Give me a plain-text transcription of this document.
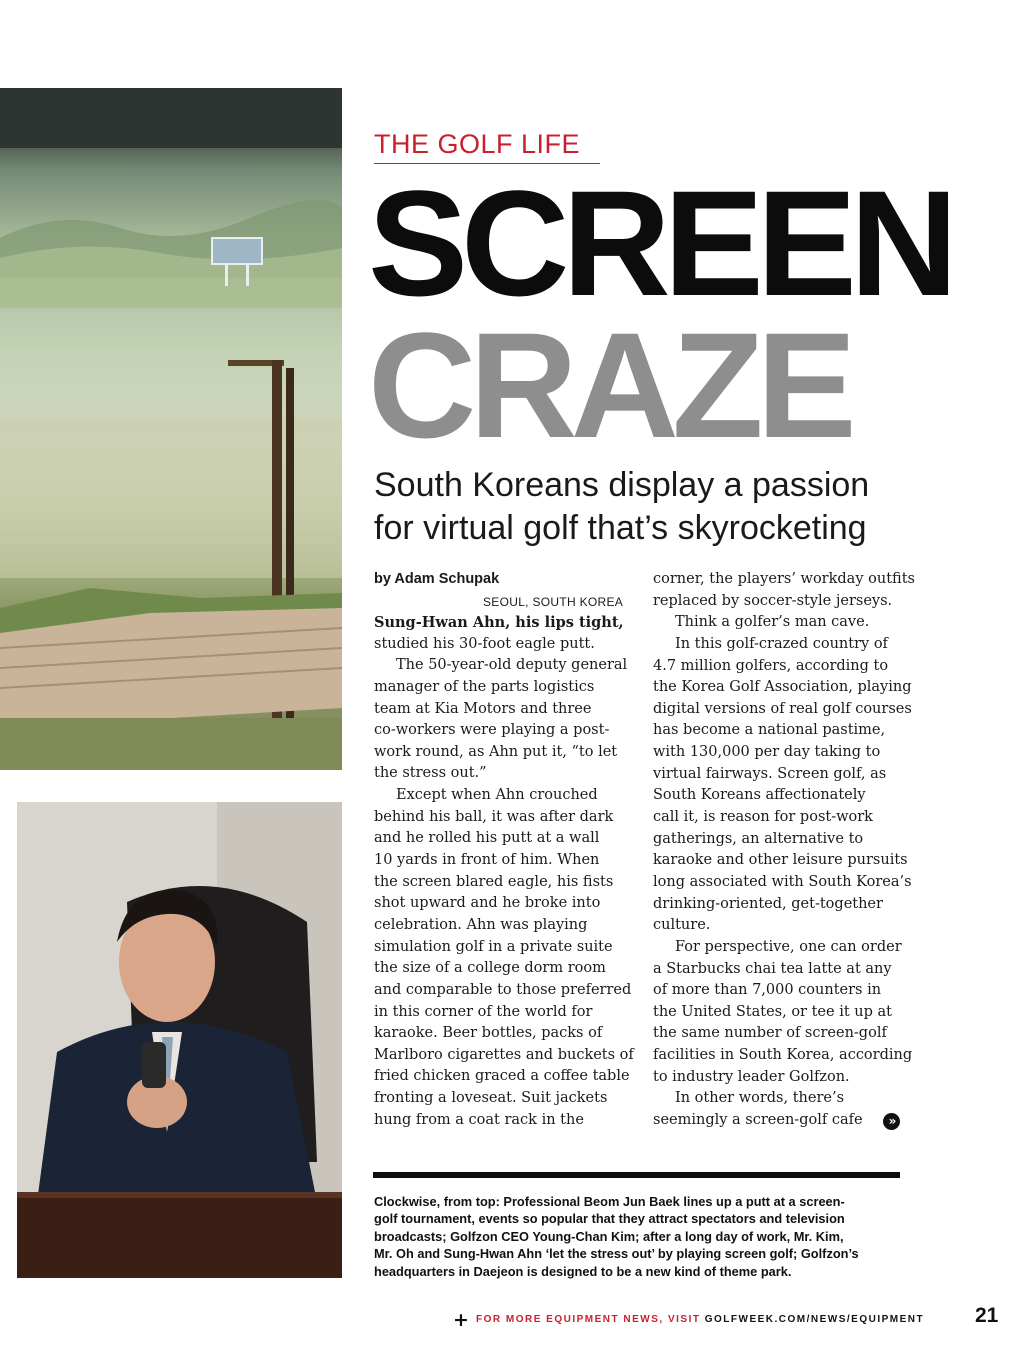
THE GOLF LIFE
SCREEN
CRAZE
South Koreans display a passion
for virtual golf that’s skyrocketing
by Adam Schupak
SEOUL, SOUTH KOREA
Sung-Hwan Ahn, his lips tight,
studied his 30-foot eagle putt.
The 50-year-old deputy general
manager of the parts logistics
team at Kia Motors and three
co-workers were playing a post-
work round, as Ahn put it, “to let
the stress out.”
Except when Ahn crouched
behind his ball, it was after dark
and he rolled his putt at a wall
10 yards in front of him. When
the screen blared eagle, his fists
shot upward and he broke into
celebration. Ahn was playing
simulation golf in a private suite
the size of a college dorm room
and comparable to those preferred
in this corner of the world for
karaoke. Beer bottles, packs of
Marlboro cigarettes and buckets of
fried chicken graced a coffee table
fronting a loveseat. Suit jackets
hung from a coat rack in the
corner, the players’ workday outfits
replaced by soccer-style jerseys.
Think a golfer’s man cave.
In this golf-crazed country of
4.7 million golfers, according to
the Korea Golf Association, playing
digital versions of real golf courses
has become a national pastime,
with 130,000 per day taking to
virtual fairways. Screen golf, as
South Koreans affectionately
call it, is reason for post-work
gatherings, an alternative to
karaoke and other leisure pursuits
long associated with South Korea’s
drinking-oriented, get-together
culture.
For perspective, one can order
a Starbucks chai tea latte at any
of more than 7,000 counters in
the United States, or tee it up at
the same number of screen-golf
facilities in South Korea, according
to industry leader Golfzon.
In other words, there’s
seemingly a screen-golf cafe	»
Clockwise, from top: Professional Beom Jun Baek lines up a putt at a screen-
golf tournament, events so popular that they attract spectators and television
broadcasts; Golfzon CEO Young-Chan Kim; after a long day of work, Mr. Kim,
Mr. Oh and Sung-Hwan Ahn ‘let the stress out’ by playing screen golf; Golfzon’s
headquarters in Daejeon is designed to be a new kind of theme park.
+ FOR MORE EQUIPMENT NEWS, VISIT GOLFWEEK.COM/NEWS/EQUIPMENT 21
